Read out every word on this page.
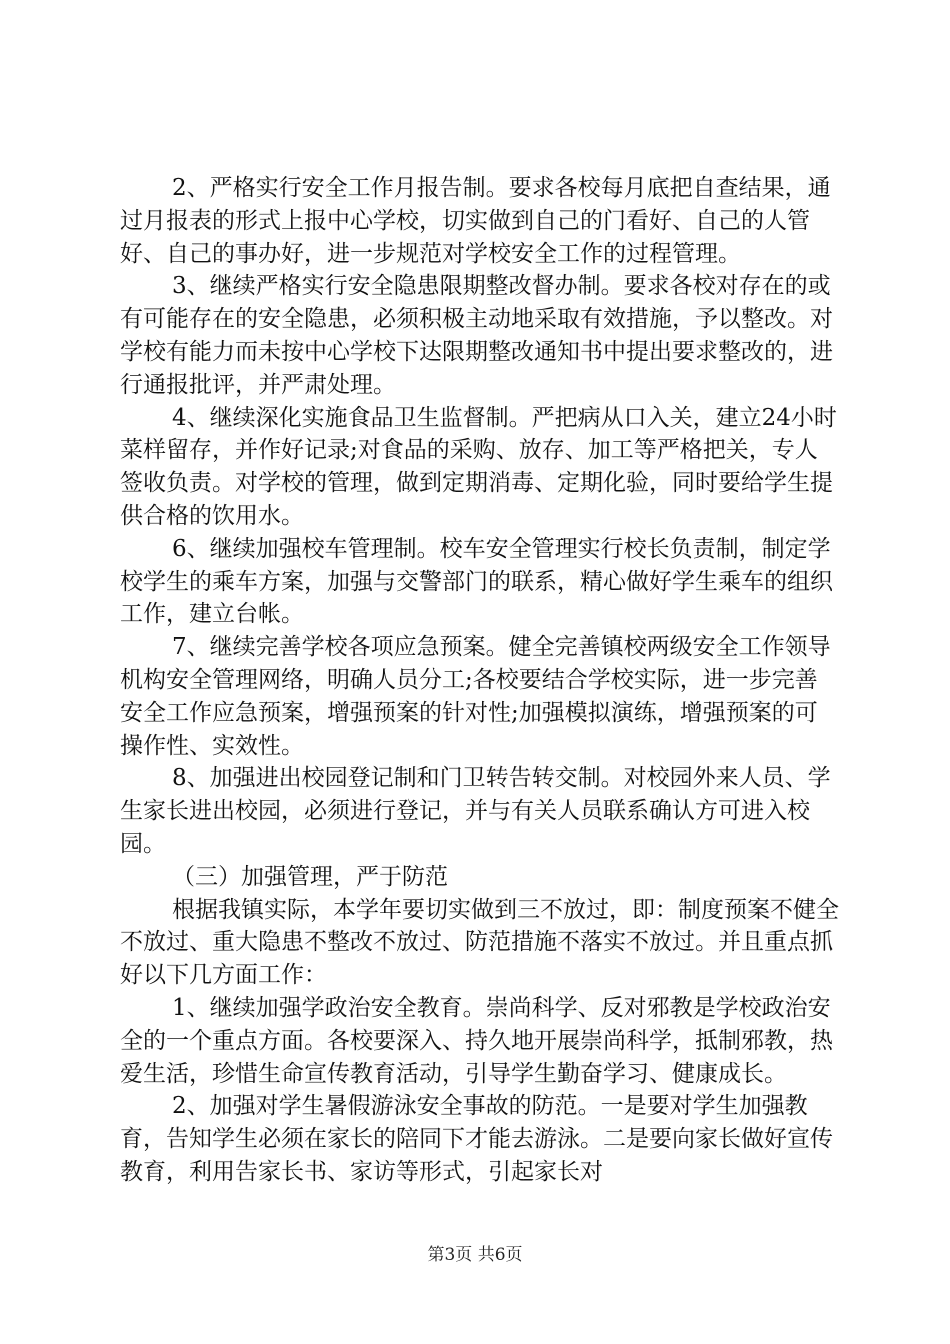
2、严格实行安全工作月报告制。要求各校每月底把自查结果，通过月报表的形式上报中心学校，切实做到自己的门看好、自己的人管好、自己的事办好，进一步规范对学校安全工作的过程管理。

3、继续严格实行安全隐患限期整改督办制。要求各校对存在的或有可能存在的安全隐患，必须积极主动地采取有效措施，予以整改。对学校有能力而未按中心学校下达限期整改通知书中提出要求整改的，进行通报批评，并严肃处理。

4、继续深化实施食品卫生监督制。严把病从口入关，建立24小时菜样留存，并作好记录;对食品的采购、放存、加工等严格把关，专人签收负责。对学校的管理，做到定期消毒、定期化验，同时要给学生提供合格的饮用水。

6、继续加强校车管理制。校车安全管理实行校长负责制，制定学校学生的乘车方案，加强与交警部门的联系，精心做好学生乘车的组织工作，建立台帐。

7、继续完善学校各项应急预案。健全完善镇校两级安全工作领导机构安全管理网络，明确人员分工;各校要结合学校实际，进一步完善安全工作应急预案，增强预案的针对性;加强模拟演练，增强预案的可操作性、实效性。

8、加强进出校园登记制和门卫转告转交制。对校园外来人员、学生家长进出校园，必须进行登记，并与有关人员联系确认方可进入校园。

（三）加强管理，严于防范

根据我镇实际，本学年要切实做到三不放过，即：制度预案不健全不放过、重大隐患不整改不放过、防范措施不落实不放过。并且重点抓好以下几方面工作：

1、继续加强学政治安全教育。崇尚科学、反对邪教是学校政治安全的一个重点方面。各校要深入、持久地开展崇尚科学，抵制邪教，热爱生活，珍惜生命宣传教育活动，引导学生勤奋学习、健康成长。

2、加强对学生暑假游泳安全事故的防范。一是要对学生加强教育，告知学生必须在家长的陪同下才能去游泳。二是要向家长做好宣传教育，利用告家长书、家访等形式，引起家长对

第3页 共6页
